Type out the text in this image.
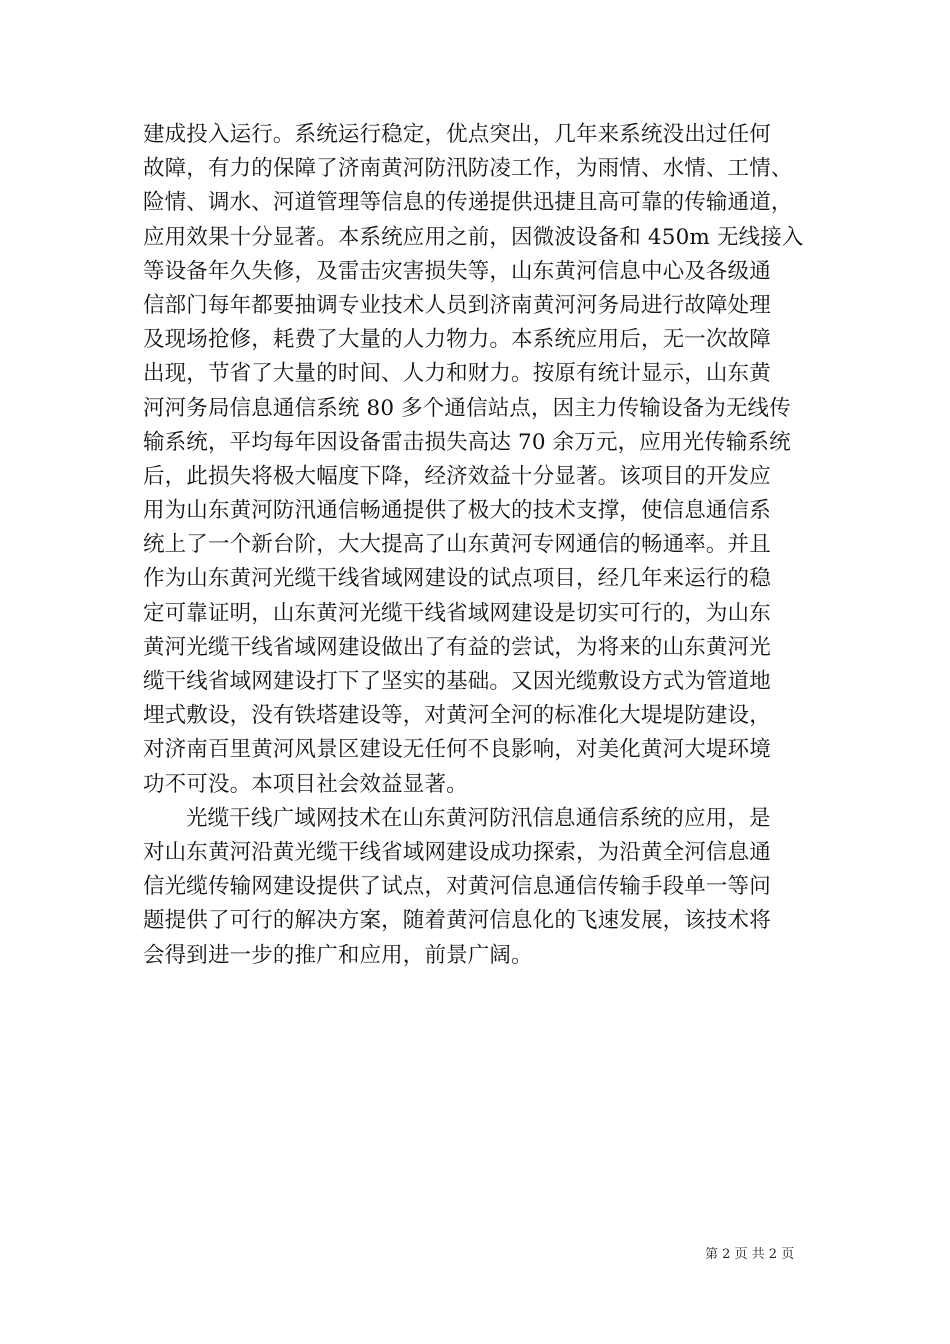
建成投入运行。系统运行稳定，优点突出，几年来系统没出过任何
故障，有力的保障了济南黄河防汛防凌工作，为雨情、水情、工情、
险情、调水、河道管理等信息的传递提供迅捷且高可靠的传输通道，
应用效果十分显著。本系统应用之前，因微波设备和 450m 无线接入
等设备年久失修，及雷击灾害损失等，山东黄河信息中心及各级通
信部门每年都要抽调专业技术人员到济南黄河河务局进行故障处理
及现场抢修，耗费了大量的人力物力。本系统应用后，无一次故障
出现，节省了大量的时间、人力和财力。按原有统计显示，山东黄
河河务局信息通信系统 80 多个通信站点，因主力传输设备为无线传
输系统，平均每年因设备雷击损失高达 70 余万元，应用光传输系统
后，此损失将极大幅度下降，经济效益十分显著。该项目的开发应
用为山东黄河防汛通信畅通提供了极大的技术支撑，使信息通信系
统上了一个新台阶，大大提高了山东黄河专网通信的畅通率。并且
作为山东黄河光缆干线省域网建设的试点项目，经几年来运行的稳
定可靠证明，山东黄河光缆干线省域网建设是切实可行的，为山东
黄河光缆干线省域网建设做出了有益的尝试，为将来的山东黄河光
缆干线省域网建设打下了坚实的基础。又因光缆敷设方式为管道地
埋式敷设，没有铁塔建设等，对黄河全河的标准化大堤堤防建设，
对济南百里黄河风景区建设无任何不良影响，对美化黄河大堤环境
功不可没。本项目社会效益显著。
光缆干线广域网技术在山东黄河防汛信息通信系统的应用，是
对山东黄河沿黄光缆干线省域网建设成功探索，为沿黄全河信息通
信光缆传输网建设提供了试点，对黄河信息通信传输手段单一等问
题提供了可行的解决方案，随着黄河信息化的飞速发展，该技术将
会得到进一步的推广和应用，前景广阔。
第 2 页 共 2 页
